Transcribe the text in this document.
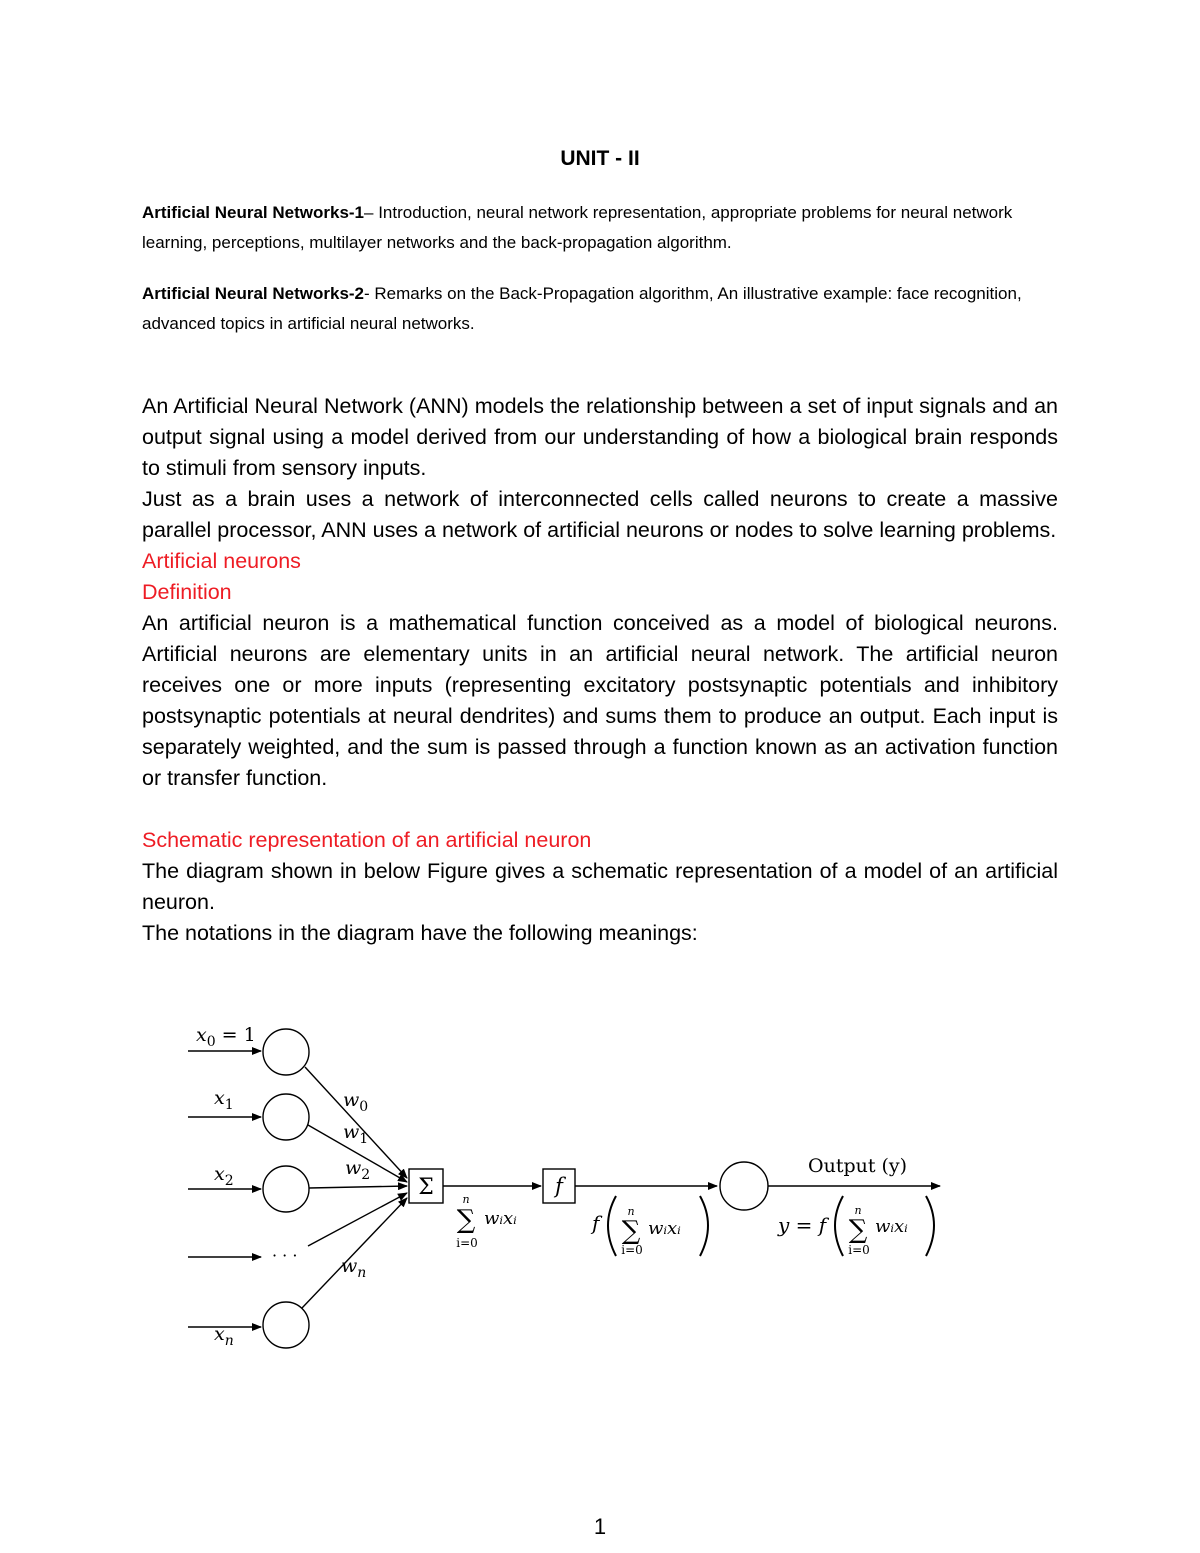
UNIT - II
Artificial Neural Networks-1– Introduction, neural network representation, appropriate problems for neural network learning, perceptions, multilayer networks and the back-propagation algorithm.
Artificial Neural Networks-2- Remarks on the Back-Propagation algorithm, An illustrative example: face recognition, advanced topics in artificial neural networks.

An Artificial Neural Network (ANN) models the relationship between a set of input signals and an output signal using a model derived from our understanding of how a biological brain responds to stimuli from sensory inputs.

Just as a brain uses a network of interconnected cells called neurons to create a massive parallel processor, ANN uses a network of artificial neurons or nodes to solve learning problems.

Artificial neurons

Definition

An artificial neuron is a mathematical function conceived as a model of biological neurons. Artificial neurons are elementary units in an artificial neural network. The artificial neuron receives one or more inputs (representing excitatory postsynaptic potentials and inhibitory postsynaptic potentials at neural dendrites) and sums them to produce an output. Each input is separately weighted, and the sum is passed through a function known as an activation function or transfer function.

Schematic representation of an artificial neuron

The diagram shown in below Figure gives a schematic representation of a model of an artificial neuron.

The notations in the diagram have the following meanings:

$x_0 = 1$
$x_1$
$x_2$
$x_n$
· · ·
$w_0$
$w_1$
$w_2$
$w_n$
Σ	n
∑
i=0
wᵢxᵢ
f
f	n
∑
i=0
wᵢxᵢ
Output (y)
y = f
n
∑
i=0
wᵢxᵢ
1
